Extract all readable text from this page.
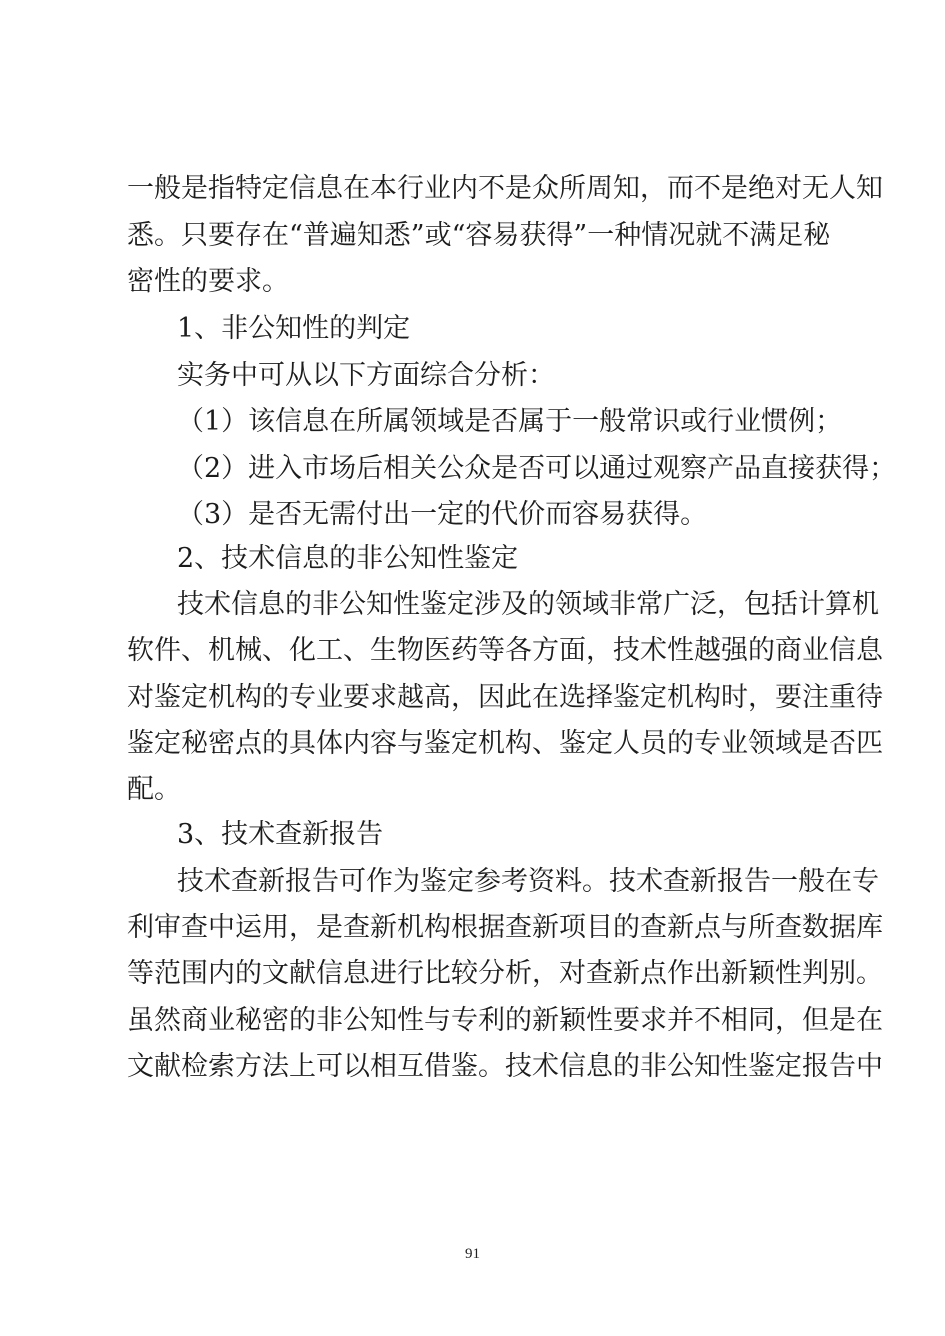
一般是指特定信息在本行业内不是众所周知，而不是绝对无人知
悉。只要存在“普遍知悉”或“容易获得”一种情况就不满足秘
密性的要求。
1、非公知性的判定
实务中可从以下方面综合分析：
（1）该信息在所属领域是否属于一般常识或行业惯例；
（2）进入市场后相关公众是否可以通过观察产品直接获得；
（3）是否无需付出一定的代价而容易获得。
2、技术信息的非公知性鉴定
技术信息的非公知性鉴定涉及的领域非常广泛，包括计算机
软件、机械、化工、生物医药等各方面，技术性越强的商业信息
对鉴定机构的专业要求越高，因此在选择鉴定机构时，要注重待
鉴定秘密点的具体内容与鉴定机构、鉴定人员的专业领域是否匹
配。
3、技术查新报告
技术查新报告可作为鉴定参考资料。技术查新报告一般在专
利审查中运用，是查新机构根据查新项目的查新点与所查数据库
等范围内的文献信息进行比较分析，对查新点作出新颖性判别。
虽然商业秘密的非公知性与专利的新颖性要求并不相同，但是在
文献检索方法上可以相互借鉴。技术信息的非公知性鉴定报告中
91
